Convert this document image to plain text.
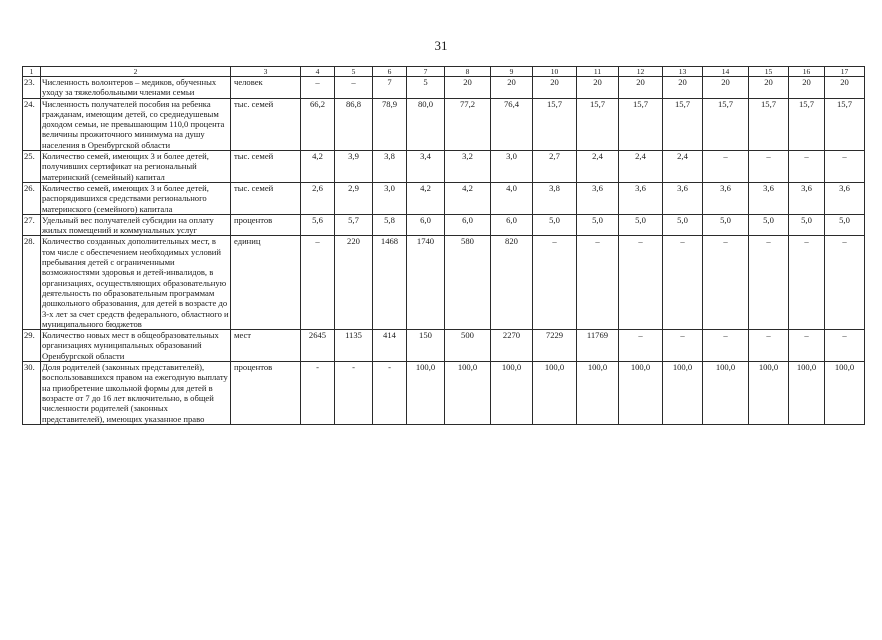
31
1	2	3	4	5	6	7	8	9	10	11	12	13	14	15	16	17
23.	Численность волонтеров – медиков, обученных уходу за тяжелобольными членами семьи	человек	–	–	7	5	20	20	20	20	20	20	20	20	20	20
24.	Численность получателей пособия на ребенка гражданам, имеющим детей, со среднедушевым доходом семьи, не превышающим 110,0 процента величины прожиточного минимума на душу населения в Оренбургской области	тыс. семей	66,2	86,8	78,9	80,0	77,2	76,4	15,7	15,7	15,7	15,7	15,7	15,7	15,7	15,7
25.	Количество семей, имеющих 3 и более детей, получивших сертификат на региональный материнский (семейный) капитал	тыс. семей	4,2	3,9	3,8	3,4	3,2	3,0	2,7	2,4	2,4	2,4	–	–	–	–
26.	Количество семей, имеющих 3 и более детей, распорядившихся средствами регионального материнского (семейного) капитала	тыс. семей	2,6	2,9	3,0	4,2	4,2	4,0	3,8	3,6	3,6	3,6	3,6	3,6	3,6	3,6
27.	Удельный вес получателей субсидии на оплату жилых помещений и коммунальных услуг	процентов	5,6	5,7	5,8	6,0	6,0	6,0	5,0	5,0	5,0	5,0	5,0	5,0	5,0	5,0
28.	Количество созданных дополнительных мест, в том числе с обеспечением необходимых условий пребывания детей с ограниченными возможностями здоровья и детей-инвалидов, в организациях, осуществляющих образовательную деятельность по образовательным программам дошкольного образования, для детей в возрасте до 3-х лет за счет средств федерального, областного и муниципального бюджетов	единиц	–	220	1468	1740	580	820	–	–	–	–	–	–	–	–
29.	Количество новых мест в общеобразовательных организациях муниципальных образований Оренбургской области	мест	2645	1135	414	150	500	2270	7229	11769	–	–	–	–	–	–
30.	Доля родителей (законных представителей), воспользовавшихся правом на ежегодную выплату на приобретение школьной формы для детей в возрасте от 7 до 16 лет включительно, в общей численности родителей (законных представителей), имеющих указанное право	процентов	-	-	-	100,0	100,0	100,0	100,0	100,0	100,0	100,0	100,0	100,0	100,0	100,0
